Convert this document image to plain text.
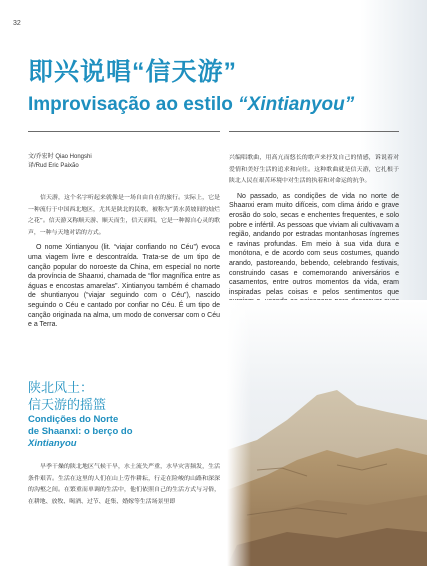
32
即兴说唱“信天游”
Improvisação ao estilo “Xintianyou”
文/乔宏时 Qiao Hongshi
译/Rud Eric Paixão

信天游，这个名字听起来就像是一场自由自在的旅行。实际上，它是一种流行于中国西北地区，尤其是陕北的民歌，被称为“黄水黄坡间的灿烂之花”。信天游又称顺天游、顺天而生，信天而唱，它是一种源自心灵的歌声，一种与天地对话的方式。

O nome Xintianyou (lit. “viajar confiando no Céu”) evoca uma viagem livre e descontraída. Trata-se de um tipo de canção popular do noroeste da China, em especial no norte da província de Shaanxi, chamada de “flor magnífica entre as águas e encostas amarelas”. Xintianyou também é chamado de shuntianyou (“viajar seguindo com o Céu”), nascido seguindo o Céu e cantado por confiar no Céu. É um tipo de canção originada na alma, um modo de conversar com o Céu e a Terra.

陕北风土：
信天游的摇篮
Condições do Norte
de Shaanxi: o berço do
Xintianyou

旱季干燥的陕北地区气候干旱，水土流失严重，水旱灾害频发，生活条件艰苦。生活在这里的人们在山上劳作耕耘，行走在险峻的山路和深深的沟壑之间。在繁重而单调的生活中，他们依照自己的生活方式与习俗，在耕地、放牧、喝酒、过节、赶集、婚嫁等生活场景里即

兴编唱歌曲，用高亢而悠长的歌声来抒发自己的情感，诉说着对爱情和美好生活的追求和向往。这种歌曲就是信天游，它扎根于陕北人民在艰苦环境中对生活的执着和对命运的抗争。

No passado, as condições de vida no norte de Shaanxi eram muito difíceis, com clima árido e grave erosão do solo, secas e enchentes frequentes, e solo pobre e infértil. As pessoas que viviam ali cultivavam a região, andando por estradas montanhosas íngremes e ravinas profundas. Em meio à sua vida dura e monótona, e de acordo com seus costumes, quando arando, pastoreando, bebendo, celebrando festivais, construindo casas e comemorando aniversários e casamentos, entre outros momentos da vida, eram inspiradas pelas coisas e pelos sentimentos que
